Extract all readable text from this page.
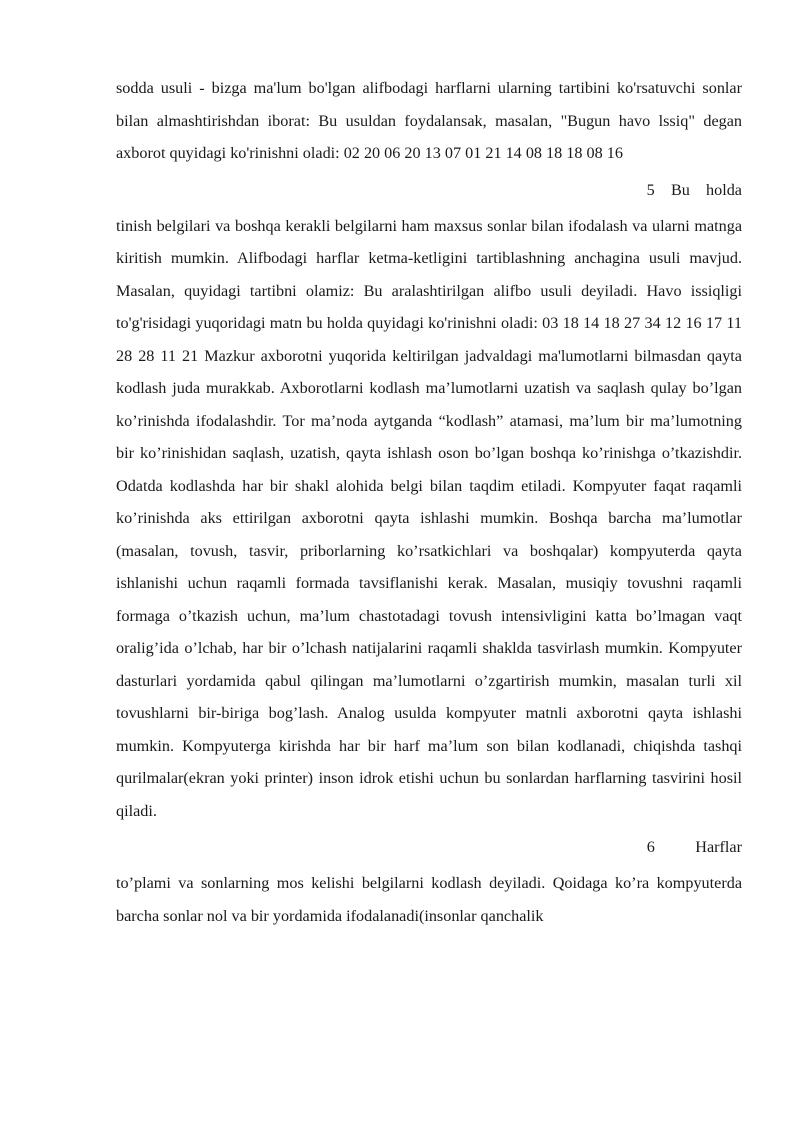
sodda usuli - bizga ma'lum bo'lgan alifbodagi harflarni ularning tartibini ko'rsatuvchi sonlar bilan almashtirishdan iborat: Bu usuldan foydalansak, masalan, "Bugun havo lssiq" degan axborot quyidagi ko'rinishni oladi: 02 20 06 20 13 07 01 21 14 08 18 18 08 16

5    Bu    holda

tinish belgilari va boshqa kerakli belgilarni ham maxsus sonlar bilan ifodalash va ularni matnga kiritish mumkin. Alifbodagi harflar ketma-ketligini tartiblashning anchagina usuli mavjud. Masalan, quyidagi tartibni olamiz: Bu aralashtirilgan alifbo usuli deyiladi. Havo issiqligi to'g'risidagi yuqoridagi matn bu holda quyidagi ko'rinishni oladi: 03 18 14 18 27 34 12 16 17 11 28 28 11 21 Mazkur axborotni yuqorida keltirilgan jadvaldagi ma'lumotlarni bilmasdan qayta kodlash juda murakkab. Axborotlarni kodlash ma’lumotlarni uzatish va saqlash qulay bo’lgan ko’rinishda ifodalashdir. Tor ma’noda aytganda “kodlash” atamasi, ma’lum bir ma’lumotning bir ko’rinishidan saqlash, uzatish, qayta ishlash oson bo’lgan boshqa ko’rinishga o’tkazishdir. Odatda kodlashda har bir shakl alohida belgi bilan taqdim etiladi. Kompyuter faqat raqamli ko’rinishda aks ettirilgan axborotni qayta ishlashi mumkin. Boshqa barcha ma’lumotlar (masalan, tovush, tasvir, priborlarning ko’rsatkichlari va boshqalar) kompyuterda qayta ishlanishi uchun raqamli formada tavsiflanishi kerak. Masalan, musiqiy tovushni raqamli formaga o’tkazish uchun, ma’lum chastotadagi tovush intensivligini katta bo’lmagan vaqt oralig’ida o’lchab, har bir o’lchash natijalarini raqamli shaklda tasvirlash mumkin. Kompyuter dasturlari yordamida qabul qilingan ma’lumotlarni o’zgartirish mumkin, masalan turli xil tovushlarni bir-biriga bog’lash. Analog usulda kompyuter matnli axborotni qayta ishlashi mumkin. Kompyuterga kirishda har bir harf ma’lum son bilan kodlanadi, chiqishda tashqi qurilmalar(ekran yoki printer) inson idrok etishi uchun bu sonlardan harflarning tasvirini hosil qiladi.

6          Harflar

to’plami va sonlarning mos kelishi belgilarni kodlash deyiladi. Qoidaga ko’ra kompyuterda barcha sonlar nol va bir yordamida ifodalanadi(insonlar qanchalik
